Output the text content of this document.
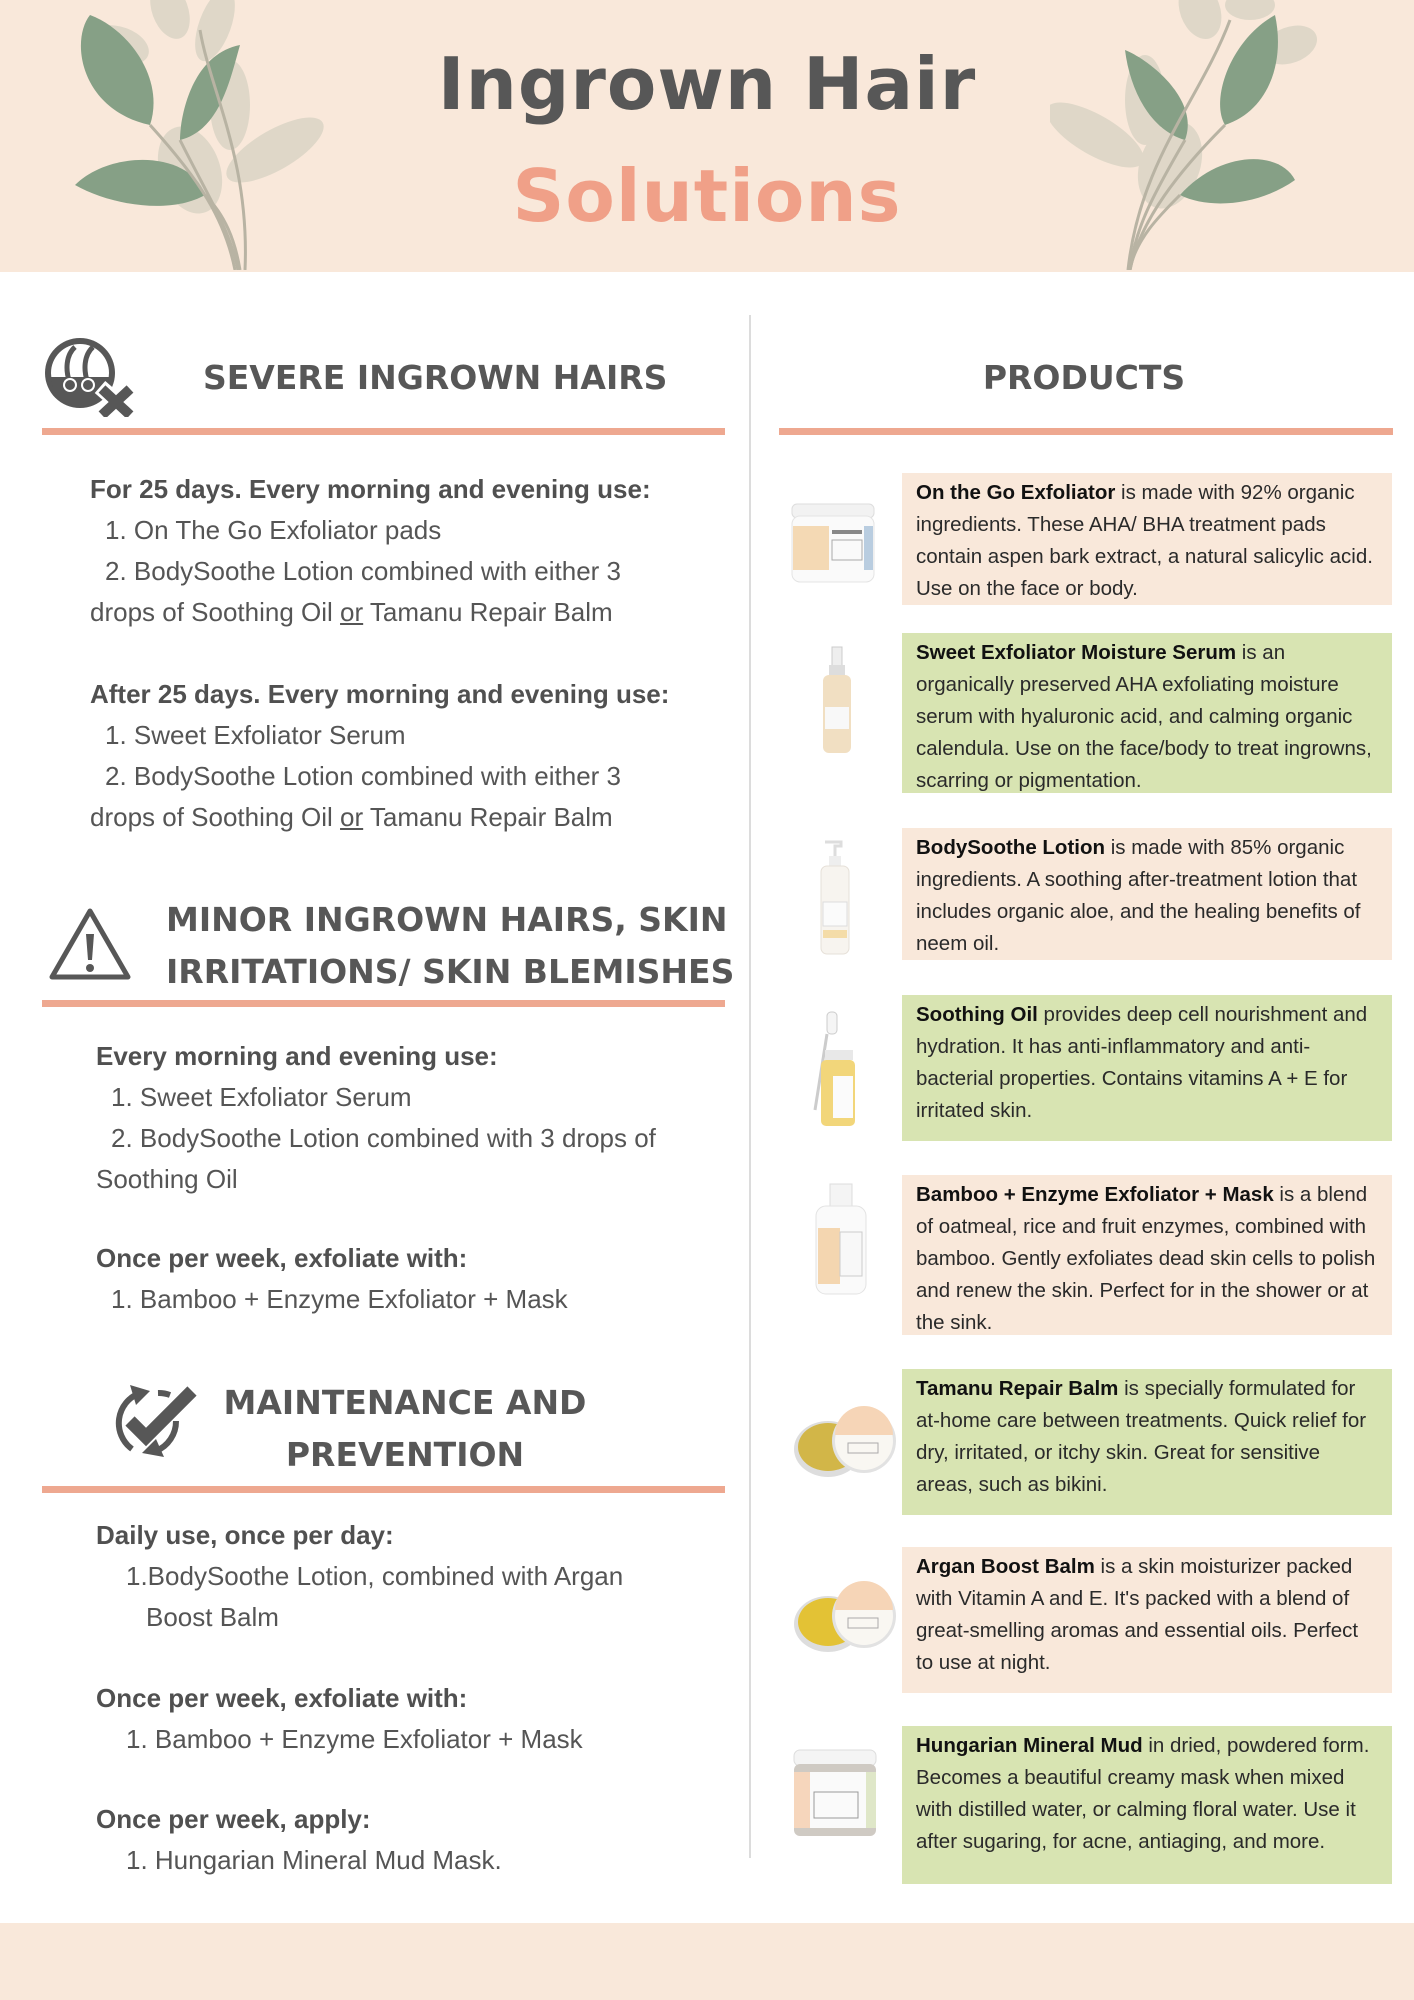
Ingrown Hair
Solutions
SEVERE INGROWN HAIRS
For 25 days. Every morning and evening use:
1. On The Go Exfoliator pads
2. BodySoothe Lotion combined with either 3
drops of Soothing Oil or Tamanu Repair Balm
After 25 days. Every morning and evening use:
1. Sweet Exfoliator Serum
2. BodySoothe Lotion combined with either 3
drops of Soothing Oil or Tamanu Repair Balm
MINOR INGROWN HAIRS, SKIN
IRRITATIONS/ SKIN BLEMISHES
Every morning and evening use:
1. Sweet Exfoliator Serum
2. BodySoothe Lotion combined with 3 drops of
Soothing Oil
Once per week, exfoliate with:
1. Bamboo + Enzyme Exfoliator + Mask
MAINTENANCE AND
PREVENTION
Daily use, once per day:
1.BodySoothe Lotion, combined with Argan
Boost Balm
Once per week, exfoliate with:
1. Bamboo + Enzyme Exfoliator + Mask
Once per week, apply:
1. Hungarian Mineral Mud Mask.
PRODUCTS
On the Go Exfoliator is made with 92% organic ingredients. These AHA/ BHA treatment pads contain aspen bark extract, a natural salicylic acid. Use on the face or body.
Sweet Exfoliator Moisture Serum is an organically preserved AHA exfoliating moisture serum with hyaluronic acid, and calming organic calendula. Use on the face/body to treat ingrowns, scarring or pigmentation.
BodySoothe Lotion is made with 85% organic ingredients. A soothing after-treatment lotion that includes organic aloe, and the healing benefits of neem oil.
Soothing Oil provides deep cell nourishment and hydration. It has anti-inflammatory and anti-bacterial properties. Contains vitamins A + E for irritated skin.
Bamboo + Enzyme Exfoliator + Mask is a blend of oatmeal, rice and fruit enzymes, combined with bamboo. Gently exfoliates dead skin cells to polish and renew the skin. Perfect for in the shower or at the sink.
Tamanu Repair Balm is specially formulated for at-home care between treatments. Quick relief for dry, irritated, or itchy skin. Great for sensitive areas, such as bikini.
Argan Boost Balm is a skin moisturizer packed with Vitamin A and E. It's packed with a blend of great-smelling aromas and essential oils. Perfect to use at night.
Hungarian Mineral Mud in dried, powdered form. Becomes a beautiful creamy mask when mixed with distilled water, or calming floral water. Use it after sugaring, for acne, antiaging, and more.
